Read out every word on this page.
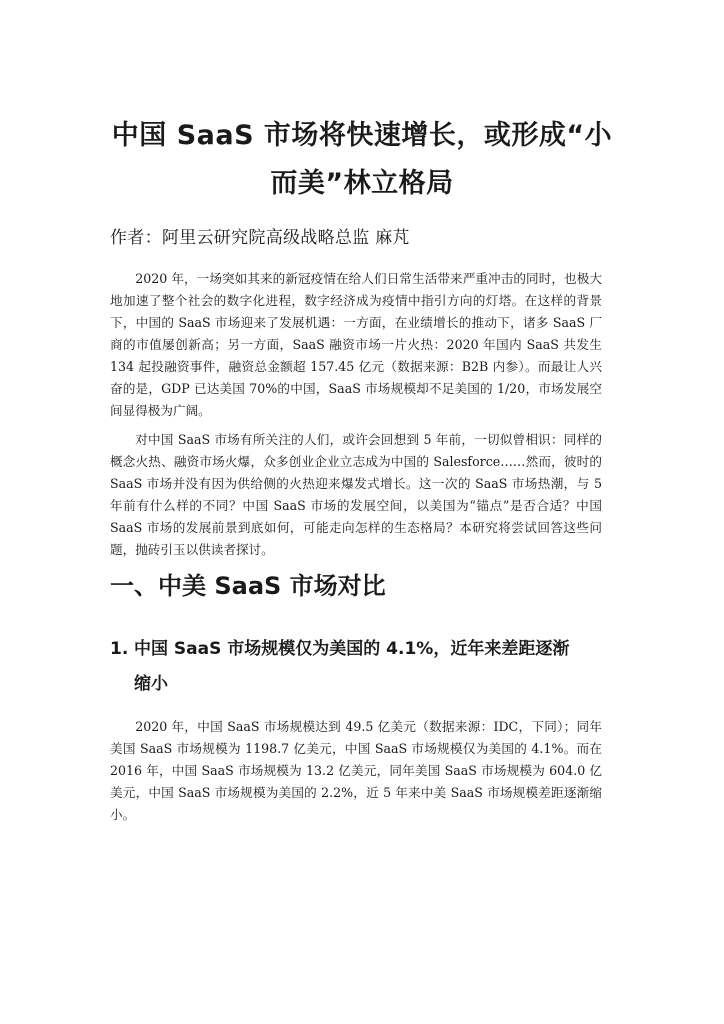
中国 SaaS 市场将快速增长，或形成“小
而美”林立格局

作者：阿里云研究院高级战略总监 麻芃

2020 年，一场突如其来的新冠疫情在给人们日常生活带来严重冲击的同时，也极大地加速了整个社会的数字化进程，数字经济成为疫情中指引方向的灯塔。在这样的背景下，中国的 SaaS 市场迎来了发展机遇：一方面，在业绩增长的推动下，诸多 SaaS 厂商的市值屡创新高；另一方面，SaaS 融资市场一片火热：2020 年国内 SaaS 共发生 134 起投融资事件，融资总金额超 157.45 亿元（数据来源：B2B 内参）。而最让人兴奋的是，GDP 已达美国 70%的中国，SaaS 市场规模却不足美国的 1/20，市场发展空间显得极为广阔。

对中国 SaaS 市场有所关注的人们，或许会回想到 5 年前，一切似曾相识：同样的概念火热、融资市场火爆，众多创业企业立志成为中国的 Salesforce……然而，彼时的 SaaS 市场并没有因为供给侧的火热迎来爆发式增长。这一次的 SaaS 市场热潮，与 5 年前有什么样的不同？中国 SaaS 市场的发展空间，以美国为“锚点”是否合适？中国 SaaS 市场的发展前景到底如何，可能走向怎样的生态格局？本研究将尝试回答这些问题，抛砖引玉以供读者探讨。

一、中美 SaaS 市场对比
1. 中国 SaaS 市场规模仅为美国的 4.1%，近年来差距逐渐
缩小

2020 年，中国 SaaS 市场规模达到 49.5 亿美元（数据来源：IDC，下同）；同年美国 SaaS 市场规模为 1198.7 亿美元，中国 SaaS 市场规模仅为美国的 4.1%。而在 2016 年，中国 SaaS 市场规模为 13.2 亿美元，同年美国 SaaS 市场规模为 604.0 亿美元，中国 SaaS 市场规模为美国的 2.2%，近 5 年来中美 SaaS 市场规模差距逐渐缩小。
